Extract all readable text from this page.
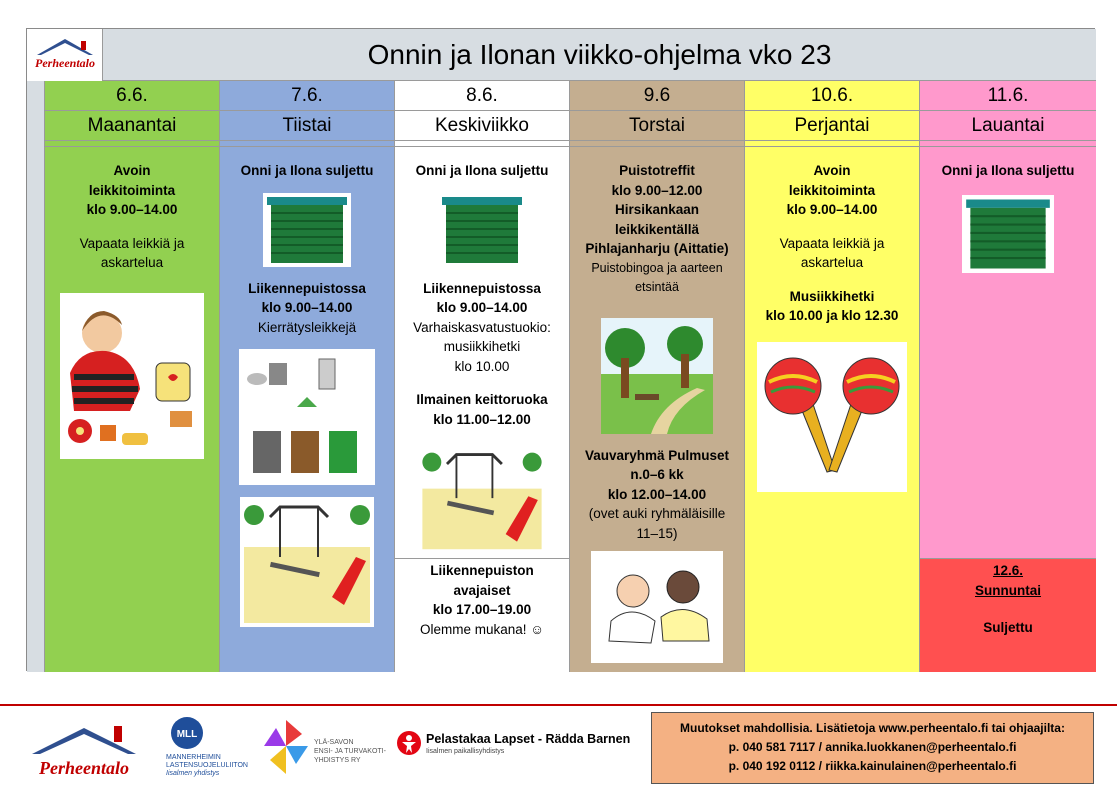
Perheentalo	Onnin ja Ilonan viikko-ohjelma vko 23
6.6.
Maanantai
Avoin
leikkitoiminta
klo 9.00–14.00
Vapaata leikkiä ja
askartelua
7.6.
Tiistai
Onni ja Ilona suljettu
Liikennepuistossa
klo 9.00–14.00
Kierrätysleikkejä
8.6.
Keskiviikko
Onni ja Ilona suljettu
Liikennepuistossa
klo 9.00–14.00
Varhaiskasvatustuokio:
musiikkihetki
klo 10.00
Ilmainen keittoruoka
klo 11.00–12.00
Liikennepuiston
avajaiset
klo 17.00–19.00
Olemme mukana! ☺
9.6
Torstai
Puistotreffit
klo 9.00–12.00
Hirsikankaan
leikkikentällä
Pihlajanharju (Aittatie)
Puistobingoa ja aarteen
etsintää
Vauvaryhmä Pulmuset
n.0–6 kk
klo 12.00–14.00
(ovet auki ryhmäläisille
11–15)
10.6.
Perjantai
Avoin
leikkitoiminta
klo 9.00–14.00
Vapaata leikkiä ja
askartelua
Musiikkihetki
klo 10.00 ja klo 12.30
11.6.
Lauantai
Onni ja Ilona suljettu
12.6.
Sunnuntai
Suljettu
Perheentalo
MLL
MANNERHEIMIN
LASTENSUOJELULIITON
Iisalmen yhdistys
YLÄ-SAVON
ENSI- JA TURVAKOTI-
YHDISTYS RY
Pelastakaa Lapset - Rädda Barnen
Iisalmen paikallisyhdistys
Muutokset mahdollisia. Lisätietoja www.perheentalo.fi tai ohjaajilta:
p. 040 581 7117 / annika.luokkanen@perheentalo.fi
p. 040 192 0112 / riikka.kainulainen@perheentalo.fi
